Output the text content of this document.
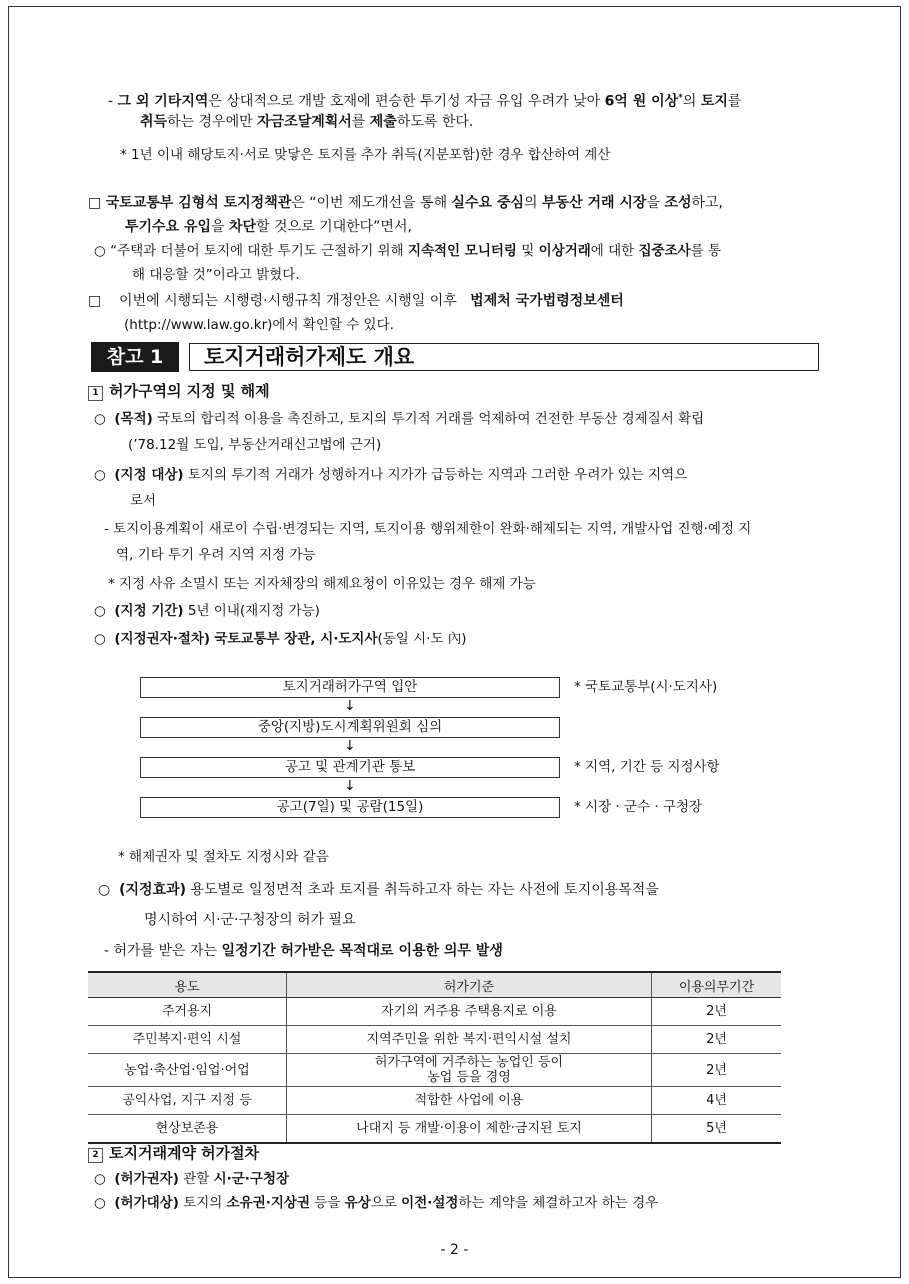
- 그 외 기타지역은 상대적으로 개발 호재에 편승한 투기성 자금 유입 우려가 낮아 6억 원 이상*의 토지를
취득하는 경우에만 자금조달계획서를 제출하도록 한다.
* 1년 이내 해당토지·서로 맞닿은 토지를 추가 취득(지분포함)한 경우 합산하여 계산
□ 국토교통부 김형석 토지정책관은 “이번 제도개선을 통해 실수요 중심의 부동산 거래 시장을 조성하고,
투기수요 유입을 차단할 것으로 기대한다”면서,
○ “주택과 더불어 토지에 대한 투기도 근절하기 위해 지속적인 모니터링 및 이상거래에 대한 집중조사를 통
해 대응할 것”이라고 밝혔다.
□ 이번에 시행되는 시행령·시행규칙 개정안은 시행일 이후 법제처 국가법령정보센터
(http://www.law.go.kr)에서 확인할 수 있다.
참고 1	토지거래허가제도 개요
1 허가구역의 지정 및 해제
○ (목적) 국토의 합리적 이용을 촉진하고, 토지의 투기적 거래를 억제하여 건전한 부동산 경제질서 확립
(’78.12월 도입, 부동산거래신고법에 근거)
○ (지정 대상) 토지의 투기적 거래가 성행하거나 지가가 급등하는 지역과 그러한 우려가 있는 지역으
로서
- 토지이용계획이 새로이 수립·변경되는 지역, 토지이용 행위제한이 완화·해제되는 지역, 개발사업 진행·예정 지
역, 기타 투기 우려 지역 지정 가능
* 지정 사유 소멸시 또는 지자체장의 해제요청이 이유있는 경우 해제 가능
○ (지정 기간) 5년 이내(재지정 가능)
○ (지정권자·절차) 국토교통부 장관, 시·도지사(동일 시·도 內)
토지거래허가구역 입안	* 국토교통부(시·도지사)
↓
중앙(지방)도시계획위원회 심의
↓
공고 및 관계기관 통보	* 지역, 기간 등 지정사항
↓
공고(7일) 및 공람(15일)	* 시장 · 군수 · 구청장
* 해제권자 및 절차도 지정시와 같음
○ (지정효과) 용도별로 일정면적 초과 토지를 취득하고자 하는 자는 사전에 토지이용목적을
명시하여 시·군·구청장의 허가 필요
- 허가를 받은 자는 일정기간 허가받은 목적대로 이용한 의무 발생
용도	허가기준	이용의무기간
주거용지	자기의 거주용 주택용지로 이용	2년
주민복지·편익 시설	지역주민을 위한 복지·편익시설 설치	2년
농업·축산업·임업·어업	허가구역에 거주하는 농업인 등이
농업 등을 경영	2년
공익사업, 지구 지정 등	적합한 사업에 이용	4년
현상보존용	나대지 등 개발·이용이 제한·금지된 토지	5년
2 토지거래계약 허가절차
○ (허가권자) 관할 시·군·구청장
○ (허가대상) 토지의 소유권·지상권 등을 유상으로 이전·설정하는 계약을 체결하고자 하는 경우
- 2 -
